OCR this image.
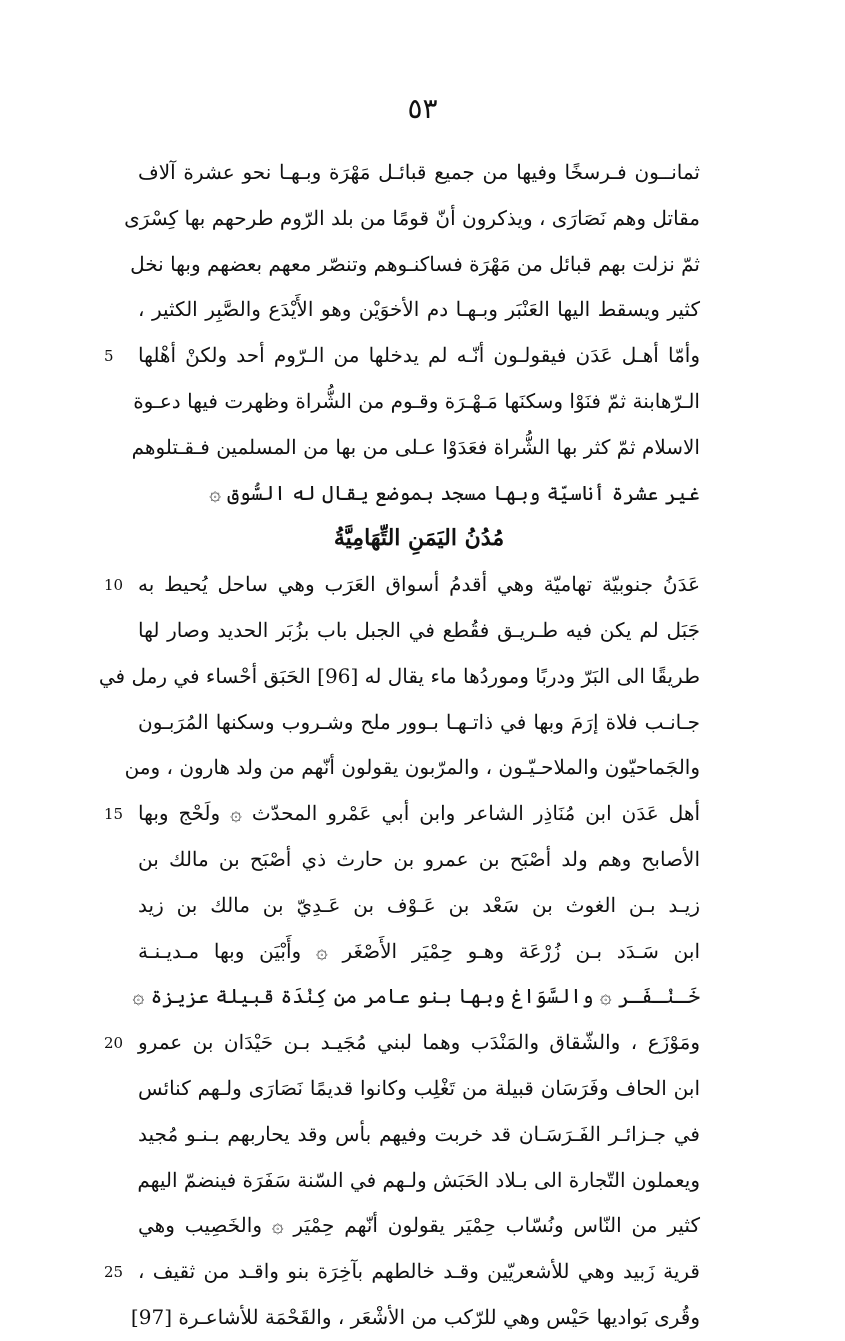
٥٣
ثمانــون فـرسخًا وفيها من جميع قبائـل مَهْرَة وبـهـا نحو عشرة آلاف
مقاتل وهم نَصَارَى ، ويذكرون أنّ قومًا من بلد الرّوم طرحهم بها كِسْرَى
ثمّ نزلت بهم قبائل من مَهْرَة فساكنـوهم وتنصّر معهم بعضهم وبها نخل
كثير ويسقط اليها العَنْبَر وبـهـا دم الأخوَيْن وهو الأَيْدَع والصَّبِر الكثير ،
وأمّا أهـل عَدَن فيقولـون أنّـه لم يدخلها من الـرّوم أحد ولكنْ أهْلها
الـرّهابنة ثمّ فنَوْا وسكنَها مَـهْـرَة وقـوم من الشُّراة وظهرت فيها دعـوة
الاسلام ثمّ كثر بها الشُّراة فعَدَوْا عـلى من بها من المسلمين فـقـتلوهم
غير عشرة أناسيّة وبها مسجد بموضع يقال له السُّوق ۞
مُدُنُ اليَمَنِ التِّهَامِيَّةُ
عَدَنُ جنوبيّة تهاميّة وهي أقدمُ أسواق العَرَب وهي ساحل يُحيط به
جَبَل لم يكن فيه طـريـق فقُطع في الجبل باب بزُبَر الحديد وصار لها
طريقًا الى البَرّ ودربًا وموردُها ماء يقال له [96] الحَبَق أحْساء في رمل في
جـانـب فلاة إرَمَ وبها في ذاتـهـا بـوور ملح وشـروب وسكنها المُرَبـون
والجَماحيّون والملاحـيّـون ، والمرّبون يقولون أنّهم من ولد هارون ، ومن
أهل عَدَن ابن مُنَاذِر الشاعر وابن أبي عَمْرو المحدّث ۞ ولَحْج وبها
الأصابح وهم ولد أصْبَح بن عمرو بن حارث ذي أصْبَح بن مالك بن
زيـد بـن الغوث بن سَعْد بن عَـوْف بن عَـدِيّ بن مالك بن زيد
ابن سَـدَد بـن زُرْعَة وهـو حِمْيَر الأَصْغَر ۞ وأَبْيَن وبها مـديـنـة
خَـنْـفَـر ۞ والسَّوَاغ وبها بنو عامر من كِنْدَة قبيلة عزيزة ۞
ومَوْزَع ، والشّقاق والمَنْدَب وهما لبني مُجَيـد بـن حَيْدَان بن عمرو
ابن الحاف وفَرَسَان قبيلة من تَغْلِب وكانوا قديمًا نَصَارَى ولـهم كنائس
في جـزائـر الفَـرَسَـان قد خربت وفيهم بأس وقد يحاربهم بـنـو مُجيد
ويعملون التّجارة الى بـلاد الحَبَش ولـهم في السّنة سَفَرَة فينضمّ اليهم
كثير من النّاس ونُسّاب حِمْيَر يقولون أنّهم حِمْيَر ۞ والخَصِيب وهي
قرية زَبيد وهي للأشعريّين وقـد خالطهم بآخِرَة بنو واقـد من ثقيف ،
وقُرى بَواديها حَيْس وهي للرّكب من الأشْعَر ، والقَحْمَة للأشاعـرة [97]
5
10
15
20
25
